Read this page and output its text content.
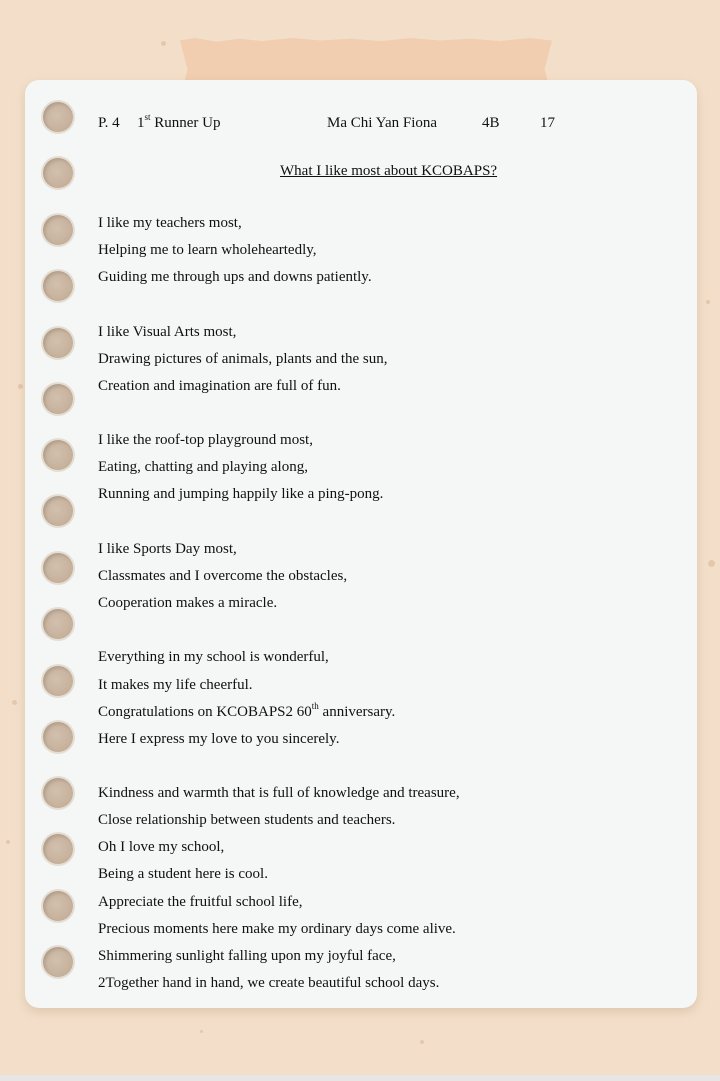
P. 4 1st Runner Up	Ma Chi Yan Fiona	4B	17
What I like most about KCOBAPS?
I like my teachers most,
Helping me to learn wholeheartedly,
Guiding me through ups and downs patiently.
I like Visual Arts most,
Drawing pictures of animals, plants and the sun,
Creation and imagination are full of fun.
I like the roof-top playground most,
Eating, chatting and playing along,
Running and jumping happily like a ping-pong.
I like Sports Day most,
Classmates and I overcome the obstacles,
Cooperation makes a miracle.
Everything in my school is wonderful,
It makes my life cheerful.
Congratulations on KCOBAPS2 60th anniversary.
Here I express my love to you sincerely.
Kindness and warmth that is full of knowledge and treasure,
Close relationship between students and teachers.
Oh I love my school,
Being a student here is cool.
Appreciate the fruitful school life,
Precious moments here make my ordinary days come alive.
Shimmering sunlight falling upon my joyful face,
2Together hand in hand, we create beautiful school days.
